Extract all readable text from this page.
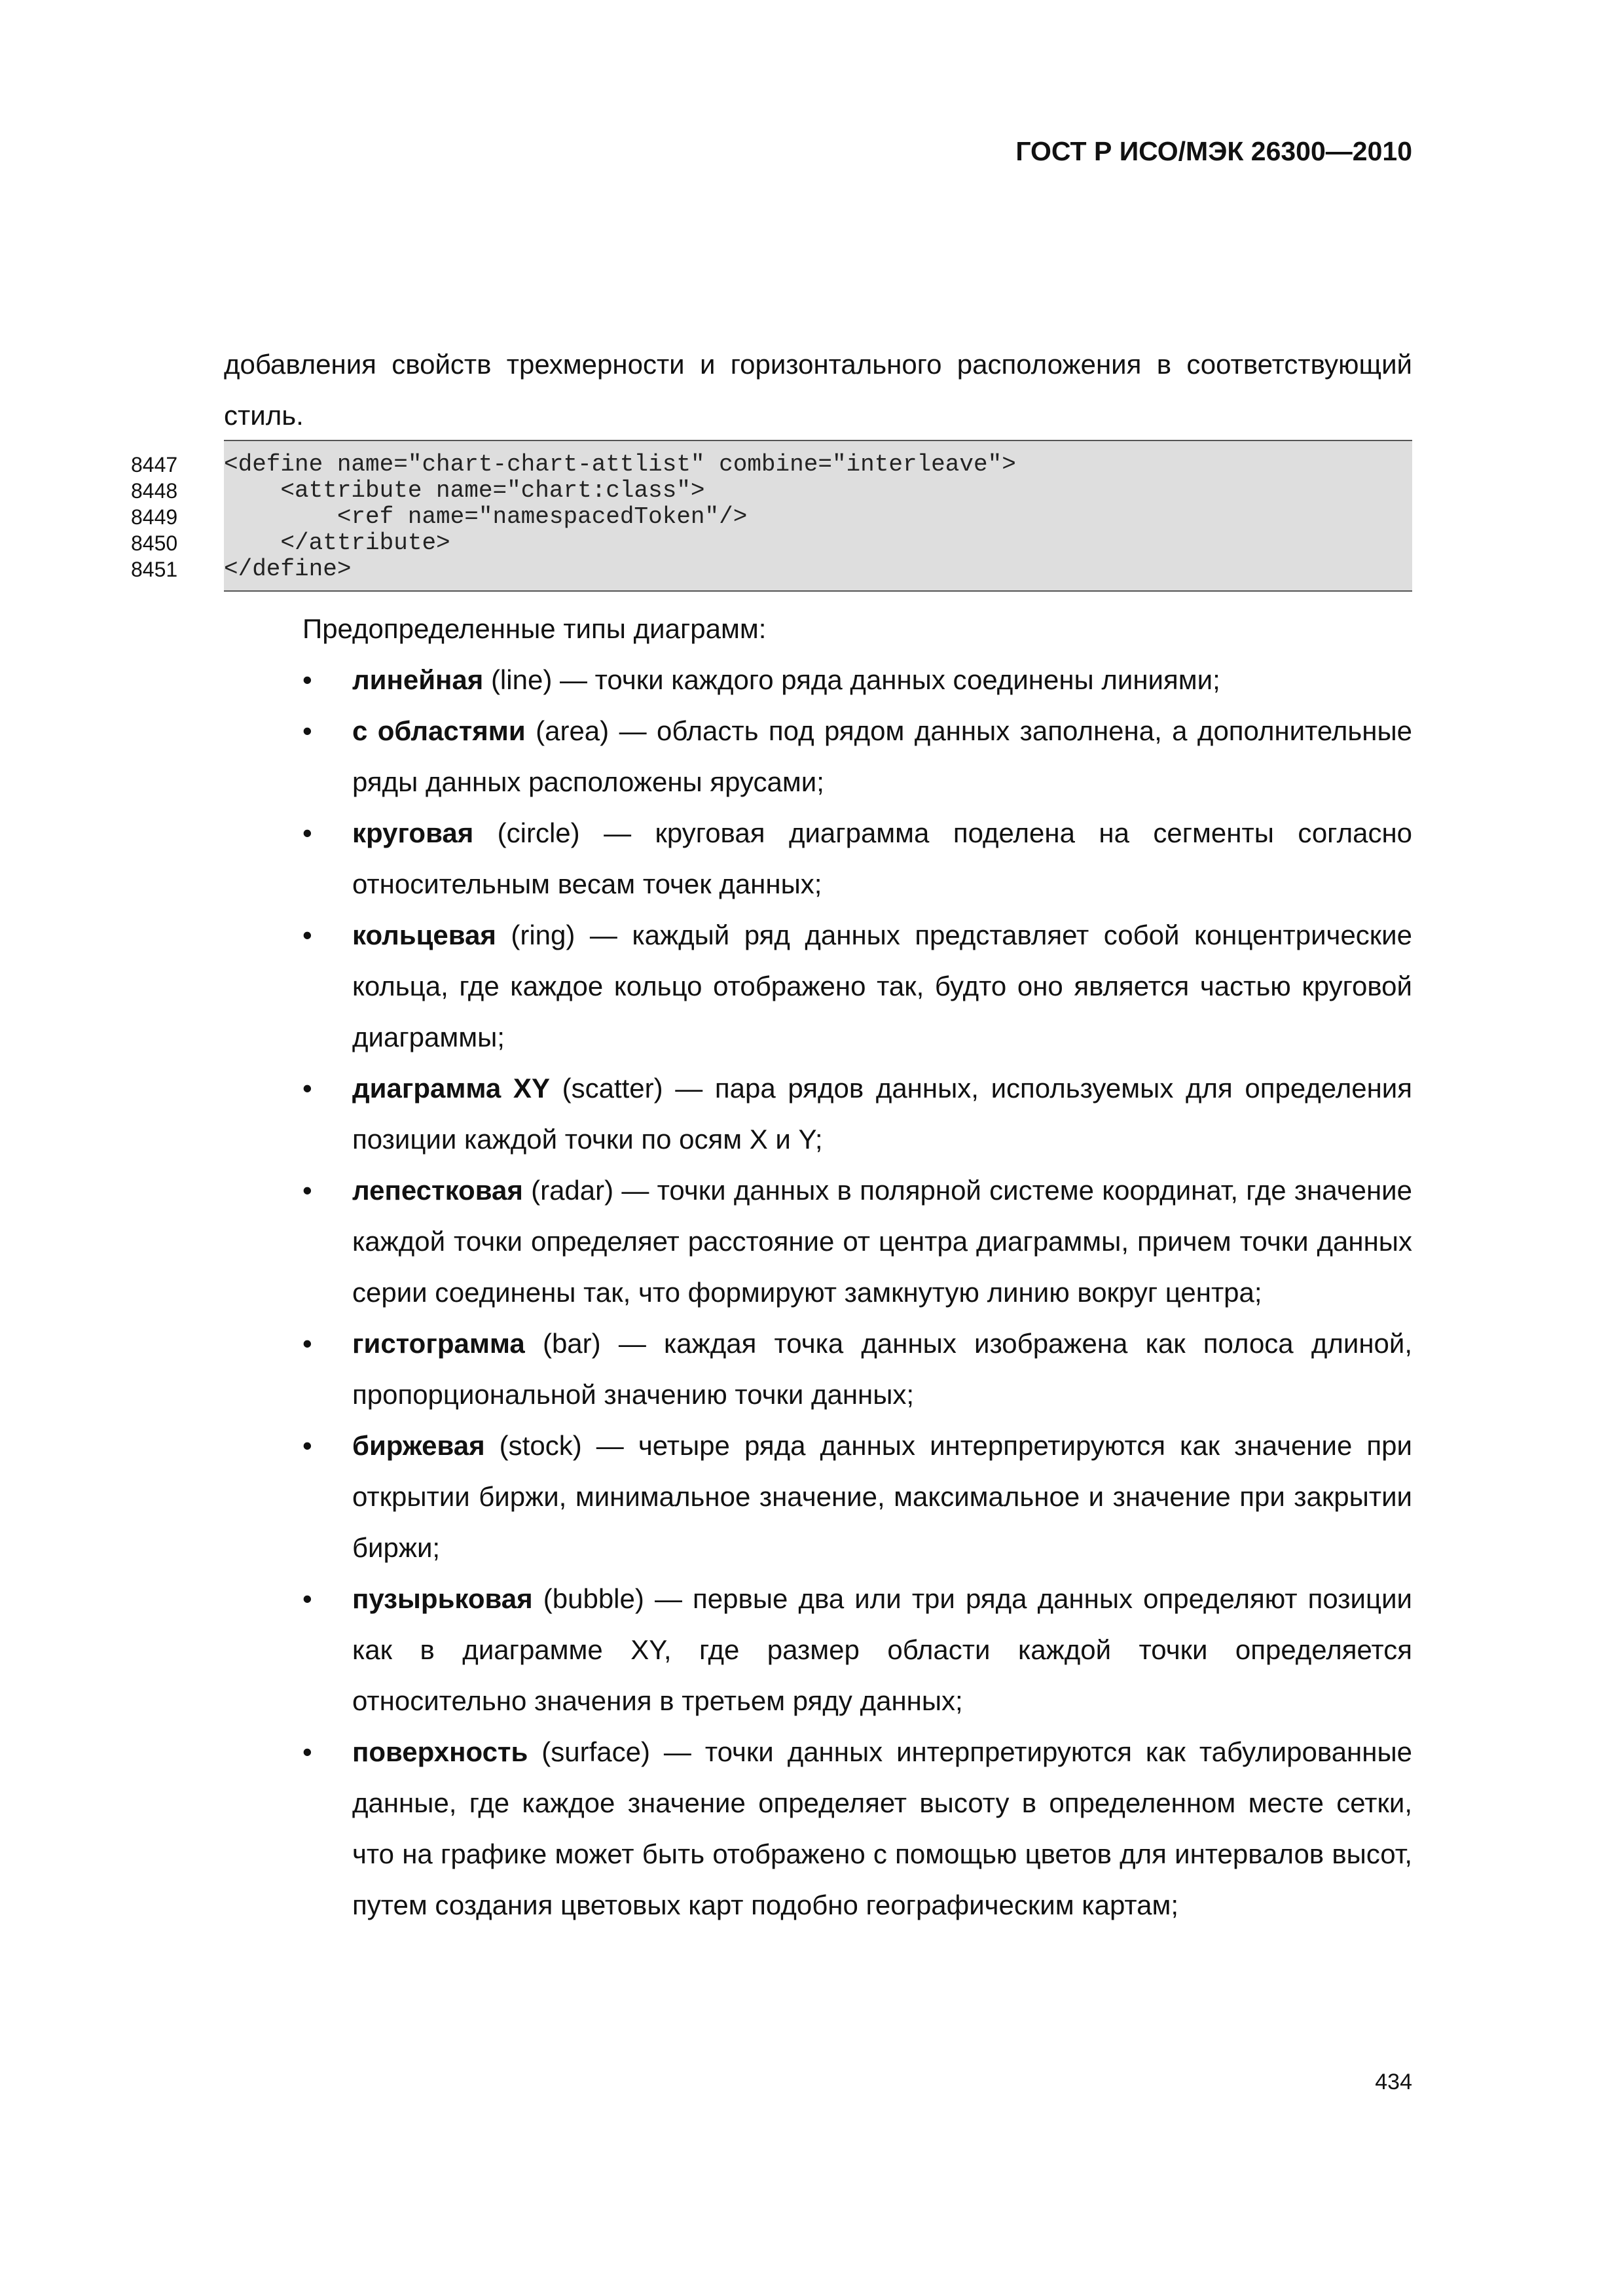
ГОСТ Р ИСО/МЭК 26300—2010
добавления свойств трехмерности и горизонтального расположения в соответствующий стиль.
8447
8448
8449
8450
8451
<define name="chart-chart-attlist" combine="interleave">
<attribute name="chart:class">
<ref name="namespacedToken"/>
</attribute>
</define>
Предопределенные типы диаграмм:
• линейная (line) — точки каждого ряда данных соединены линиями;
• с областями (area) — область под рядом данных заполнена, а дополнительные ряды данных расположены ярусами;
• круговая (circle) — круговая диаграмма поделена на сегменты согласно относительным весам точек данных;
• кольцевая (ring) — каждый ряд данных представляет собой концентрические кольца, где каждое кольцо отображено так, будто оно является частью круговой диаграммы;
• диаграмма XY (scatter) — пара рядов данных, используемых для определения позиции каждой точки по осям X и Y;
• лепестковая (radar) — точки данных в полярной системе координат, где значение каждой точки определяет расстояние от центра диаграммы, причем точки данных серии соединены так, что формируют замкнутую линию вокруг центра;
• гистограмма (bar) — каждая точка данных изображена как полоса длиной, пропорциональной значению точки данных;
• биржевая (stock) — четыре ряда данных интерпретируются как значение при открытии биржи, минимальное значение, максимальное и значение при закрытии биржи;
• пузырьковая (bubble) — первые два или три ряда данных определяют позиции как в диаграмме XY, где размер области каждой точки определяется относительно значения в третьем ряду данных;
• поверхность (surface) — точки данных интерпретируются как табулированные данные, где каждое значение определяет высоту в определенном месте сетки, что на графике может быть отображено с помощью цветов для интервалов высот, путем создания цветовых карт подобно географическим картам;
434
